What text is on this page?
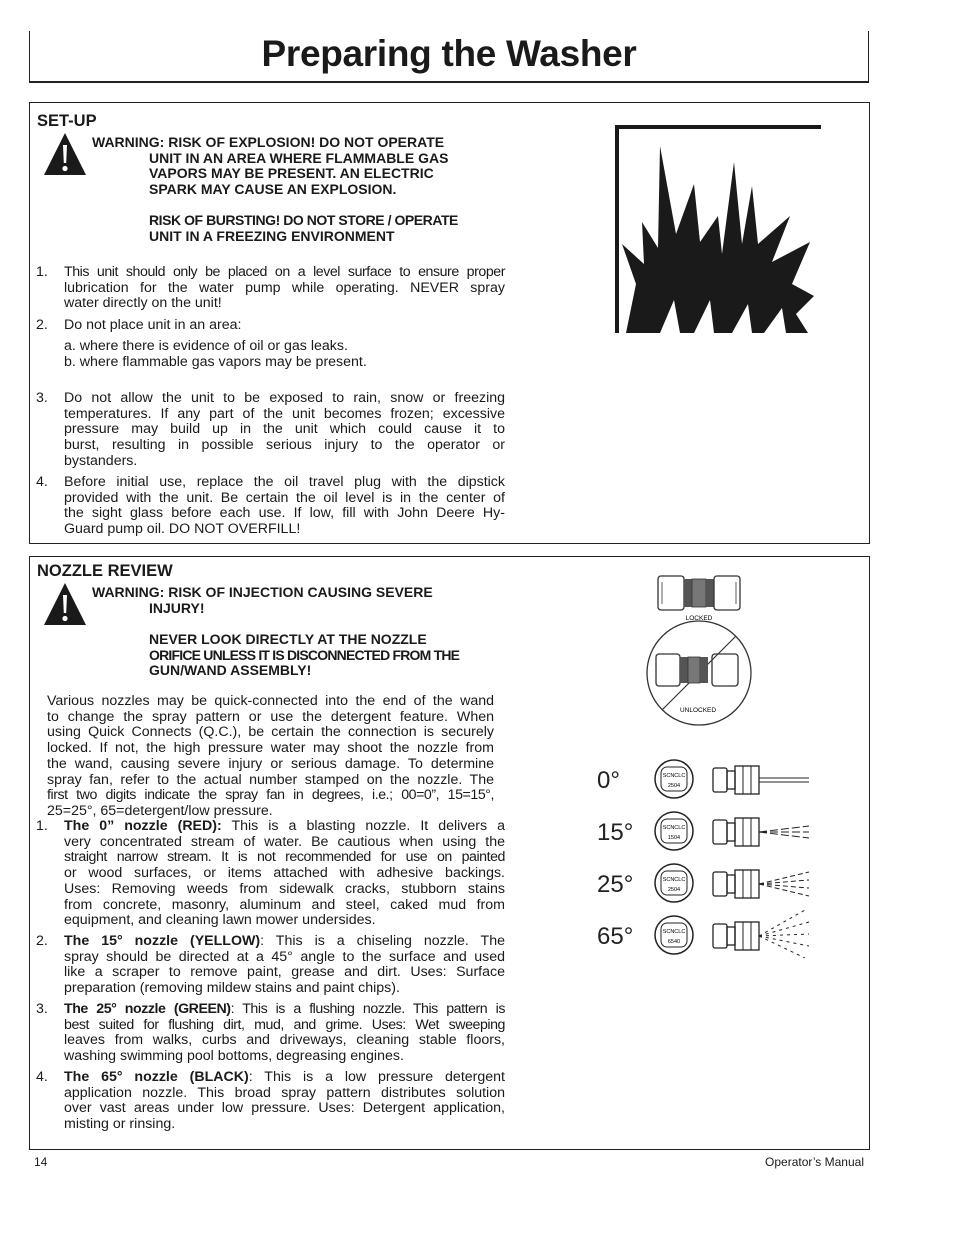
Preparing the Washer
SET-UP
WARNING: RISK OF EXPLOSION! DO NOT OPERATE
UNIT IN AN AREA WHERE FLAMMABLE GAS
VAPORS MAY BE PRESENT. AN ELECTRIC
SPARK MAY CAUSE AN EXPLOSION.
RISK OF BURSTING! DO NOT STORE / OPERATE
UNIT IN A FREEZING ENVIRONMENT
1. This unit should only be placed on a level surface to ensure proper
lubrication for the water pump while operating. NEVER spray
water directly on the unit!
2. Do not place unit in an area:
a. where there is evidence of oil or gas leaks.
b. where flammable gas vapors may be present.
3. Do not allow the unit to be exposed to rain, snow or freezing
temperatures. If any part of the unit becomes frozen; excessive
pressure may build up in the unit which could cause it to
burst, resulting in possible serious injury to the operator or
bystanders.
4. Before initial use, replace the oil travel plug with the dipstick
provided with the unit. Be certain the oil level is in the center of
the sight glass before each use. If low, fill with John Deere Hy-
Guard pump oil. DO NOT OVERFILL!
NOZZLE REVIEW
WARNING: RISK OF INJECTION CAUSING SEVERE
INJURY!
NEVER LOOK DIRECTLY AT THE NOZZLE
ORIFICE UNLESS IT IS DISCONNECTED FROM THE
GUN/WAND ASSEMBLY!
Various nozzles may be quick-connected into the end of the wand
to change the spray pattern or use the detergent feature. When
using Quick Connects (Q.C.), be certain the connection is securely
locked. If not, the high pressure water may shoot the nozzle from
the wand, causing severe injury or serious damage. To determine
spray fan, refer to the actual number stamped on the nozzle. The
first two digits indicate the spray fan in degrees, i.e.; 00=0”, 15=15°,
25=25°, 65=detergent/low pressure.
1. The 0” nozzle (RED): This is a blasting nozzle. It delivers a
very concentrated stream of water. Be cautious when using the
straight narrow stream. It is not recommended for use on painted
or wood surfaces, or items attached with adhesive backings.
Uses: Removing weeds from sidewalk cracks, stubborn stains
from concrete, masonry, aluminum and steel, caked mud from
equipment, and cleaning lawn mower undersides.
2. The 15° nozzle (YELLOW): This is a chiseling nozzle. The
spray should be directed at a 45° angle to the surface and used
like a scraper to remove paint, grease and dirt. Uses: Surface
preparation (removing mildew stains and paint chips).
3. The 25° nozzle (GREEN): This is a flushing nozzle. This pattern is
best suited for flushing dirt, mud, and grime. Uses: Wet sweeping
leaves from walks, curbs and driveways, cleaning stable floors,
washing swimming pool bottoms, degreasing engines.
4. The 65° nozzle (BLACK): This is a low pressure detergent
application nozzle. This broad spray pattern distributes solution
over vast areas under low pressure. Uses: Detergent application,
misting or rinsing.
LOCKED
UNLOCKED
0°	SCNCLC
2504
15°	SCNCLC
1504
25°	SCNCLC
2504
65°	SCNCLC
6540
14	Operator’s Manual
